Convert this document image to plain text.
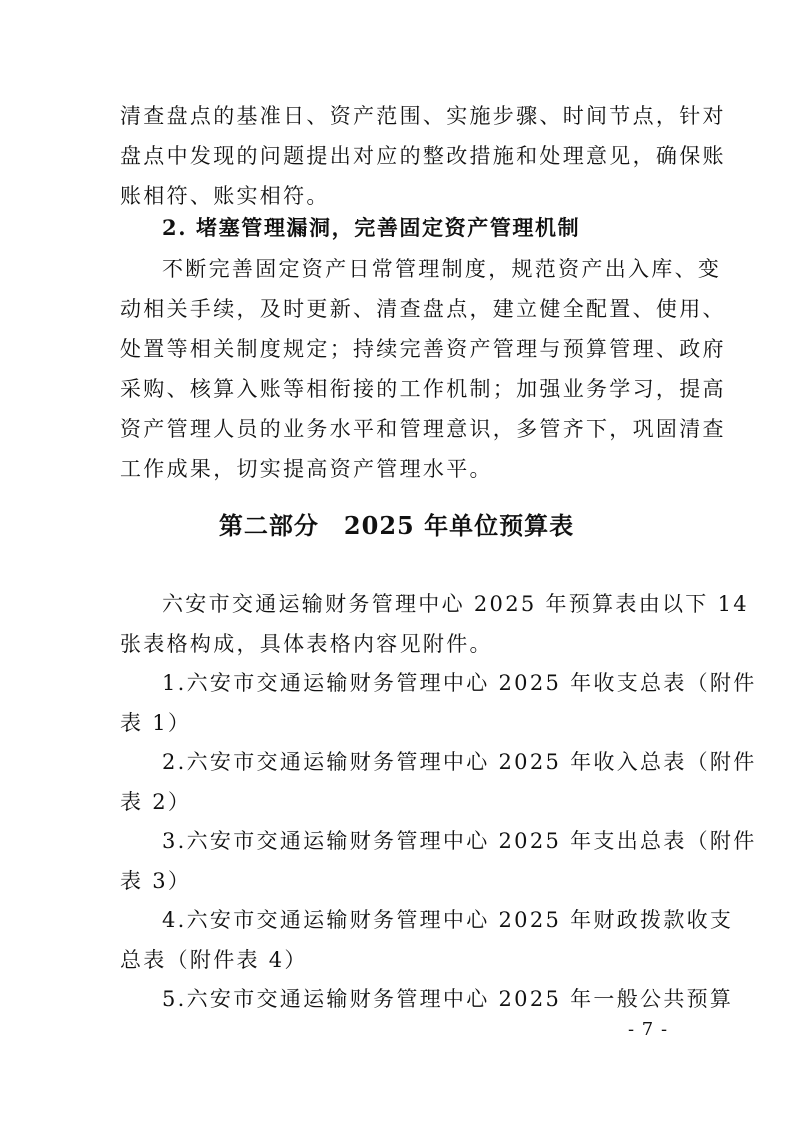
清查盘点的基准日、资产范围、实施步骤、时间节点，针对
盘点中发现的问题提出对应的整改措施和处理意见，确保账
账相符、账实相符。
2. 堵塞管理漏洞，完善固定资产管理机制
不断完善固定资产日常管理制度，规范资产出入库、变
动相关手续，及时更新、清查盘点，建立健全配置、使用、
处置等相关制度规定；持续完善资产管理与预算管理、政府
采购、核算入账等相衔接的工作机制；加强业务学习，提高
资产管理人员的业务水平和管理意识，多管齐下，巩固清查
工作成果，切实提高资产管理水平。
第二部分　2025 年单位预算表
六安市交通运输财务管理中心 2025 年预算表由以下 14
张表格构成，具体表格内容见附件。
1.六安市交通运输财务管理中心 2025 年收支总表（附件
表 1）
2.六安市交通运输财务管理中心 2025 年收入总表（附件
表 2）
3.六安市交通运输财务管理中心 2025 年支出总表（附件
表 3）
4.六安市交通运输财务管理中心 2025 年财政拨款收支
总表（附件表 4）
5.六安市交通运输财务管理中心 2025 年一般公共预算
- 7 -
